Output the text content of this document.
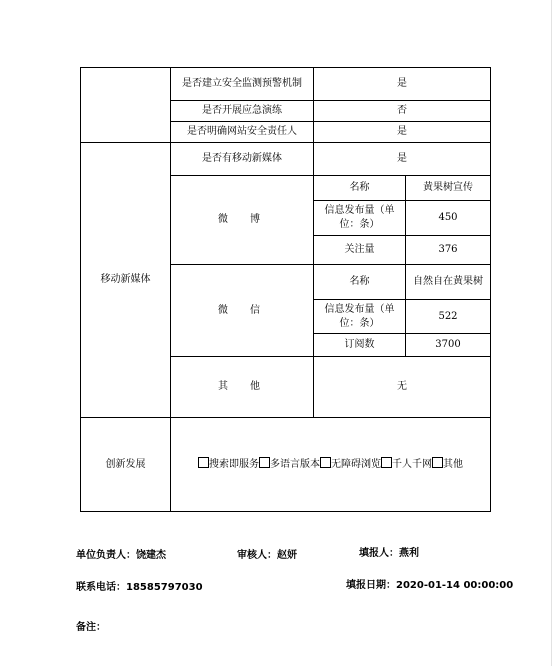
	是否建立安全监测预警机制	是	
	是否开展应急演练	否	
	是否明确网站安全责任人	是	
移动新媒体	是否有移动新媒体	是	
	微　博	名称	黄果树宣传
		信息发布量（单位：条）	450
		关注量	376
	微　信	名称	自然自在黄果树
		信息发布量（单位：条）	522
		订阅数	3700
	其　他	无	
创新发展	搜索即服务 多语言版本 无障碍浏览 千人千网 其他		
单位负责人：饶建杰	审核人：赵妍	填报人：燕利
联系电话：18585797030	填报日期：2020-01-14 00:00:00
备注：
